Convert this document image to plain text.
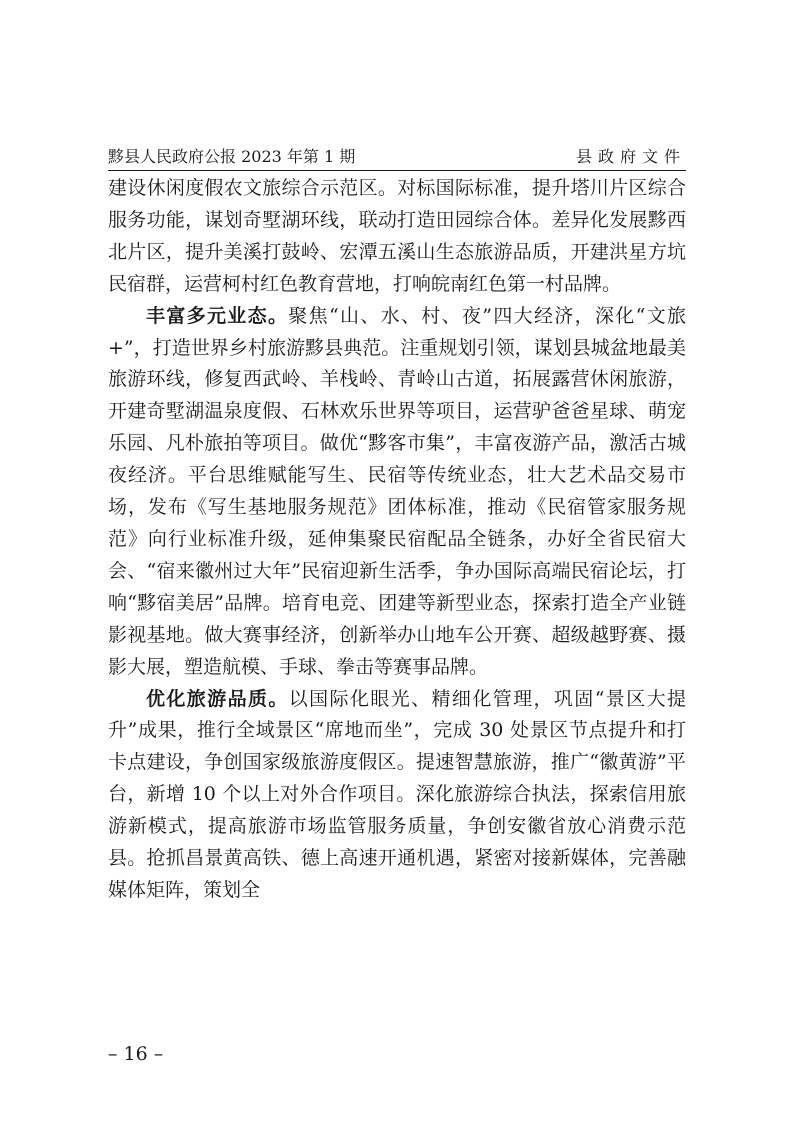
黟县人民政府公报 2023 年第 1 期	县政府文件

建设休闲度假农文旅综合示范区。对标国际标准，提升塔川片区综合服务功能，谋划奇墅湖环线，联动打造田园综合体。差异化发展黟西北片区，提升美溪打鼓岭、宏潭五溪山生态旅游品质，开建洪星方坑民宿群，运营柯村红色教育营地，打响皖南红色第一村品牌。

丰富多元业态。聚焦“山、水、村、夜”四大经济，深化“文旅+”，打造世界乡村旅游黟县典范。注重规划引领，谋划县城盆地最美旅游环线，修复西武岭、羊栈岭、青岭山古道，拓展露营休闲旅游，开建奇墅湖温泉度假、石林欢乐世界等项目，运营驴爸爸星球、萌宠乐园、凡朴旅拍等项目。做优“黟客市集”，丰富夜游产品，激活古城夜经济。平台思维赋能写生、民宿等传统业态，壮大艺术品交易市场，发布《写生基地服务规范》团体标准，推动《民宿管家服务规范》向行业标准升级，延伸集聚民宿配品全链条，办好全省民宿大会、“宿来徽州过大年”民宿迎新生活季，争办国际高端民宿论坛，打响“黟宿美居”品牌。培育电竞、团建等新型业态，探索打造全产业链影视基地。做大赛事经济，创新举办山地车公开赛、超级越野赛、摄影大展，塑造航模、手球、拳击等赛事品牌。

优化旅游品质。以国际化眼光、精细化管理，巩固“景区大提升”成果，推行全域景区“席地而坐”，完成 30 处景区节点提升和打卡点建设，争创国家级旅游度假区。提速智慧旅游，推广“徽黄游”平台，新增 10 个以上对外合作项目。深化旅游综合执法，探索信用旅游新模式，提高旅游市场监管服务质量，争创安徽省放心消费示范县。抢抓昌景黄高铁、德上高速开通机遇，紧密对接新媒体，完善融媒体矩阵，策划全

– 16 –
